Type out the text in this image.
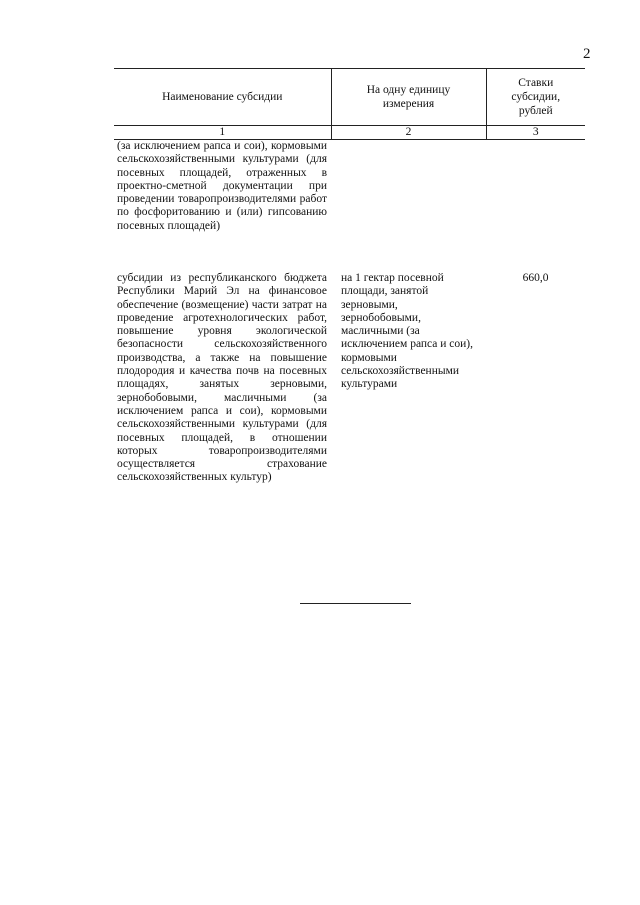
2
Наименование субсидии	На одну единицу измерения	Ставки субсидии, рублей
1	2	3
(за исключением рапса и сои), кормовыми сельскохозяйственными культурами (для посевных площадей, отраженных в проектно-сметной документации при проведении товаропроизводителями работ по фосфоритованию и (или) гипсованию посевных площадей)		
субсидии из республиканского бюджета Республики Марий Эл на финансовое обеспечение (возмещение) части затрат на проведение агротехнологических работ, повышение уровня экологической безопасности сельскохозяйственного производства, а также на повышение плодородия и качества почв на посевных площадях, занятых зерновыми, зернобобовыми, масличными (за исключением рапса и сои), кормовыми сельскохозяйственными культурами (для посевных площадей, в отношении которых товаропроизводителями осуществляется страхование сельскохозяйственных культур)	на 1 гектар посевной площади, занятой зерновыми, зернобобовыми, масличными (за исключением рапса и сои), кормовыми сельскохозяйственными культурами	660,0
